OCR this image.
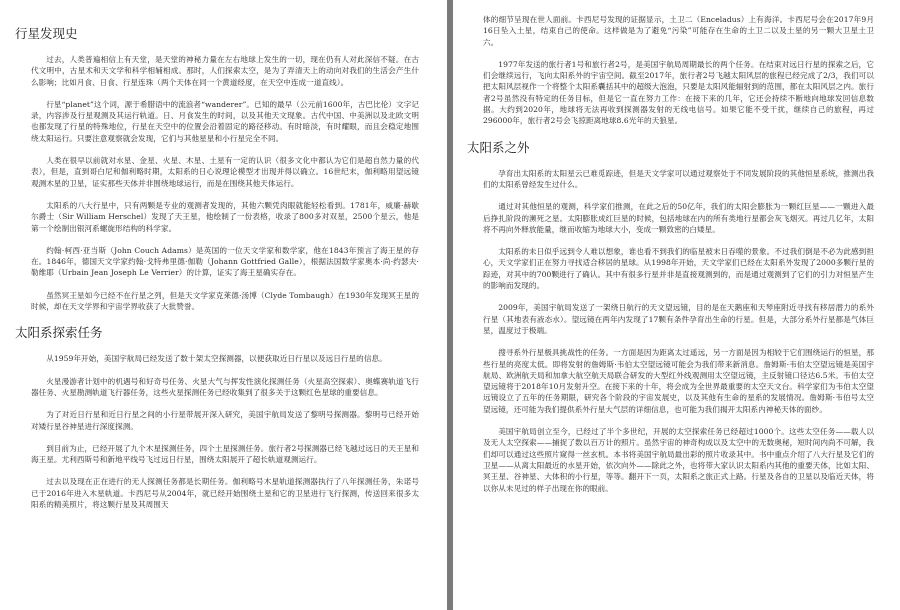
行星发现史

过去，人类普遍相信上有天堂，是天堂的神秘力量在左右地球上发生的一切，现在仍有人对此深信不疑。在古代文明中，古星术和天文学和科学相辅相成。那时，人们探索太空，是为了弄清天上的动向对我们的生活会产生什么影响；比如月食、日食、行星连珠（两个天体在同一个黄道经度，在天空中连成一道直线）。

行星“planet”这个词，源于希腊语中的流浪者“wanderer”。已知的最早（公元前1600年，古巴比伦）文字记录，内容涉及行星观测及其运行轨道。日、月食发生的时间，以及其他天文现象。古代中国、中美洲以及北欧文明也都发现了行星的特殊地位，行星在天空中的位置会沿着固定的路径移动。有时暗淡，有时耀眼，而且会稳定地围绕太阳运行。只要注意观察就会发现，它们与其他星星和小行星完全不同。

人类在很早以前就对水星、金星、火星、木星、土星有一定的认识（很多文化中都认为它们是超自然力量的代表），但是，直到哥白尼和伽利略时期，太阳系的日心说理论模型才出现并得以确立。16世纪末，伽利略用望远镜观测木星的卫星，证实那些天体并非围绕地球运行，而是在围绕其他天体运行。

太阳系的八大行星中，只有两颗是专业的观测者发现的，其他六颗凭肉眼就能轻松看到。1781年，威廉·赫歇尔爵士（Sir William Herschel）发现了天王星，他绘制了一份表格，收录了800多对双星，2500个星云，他是第一个绘制出银河系螺旋形结构的科学家。

约翰·柯西·亚当斯（John Couch Adams）是英国的一位天文学家和数学家，他在1843年预言了海王星的存在。1846年，德国天文学家约翰·戈特弗里德·伽勒（Johann Gottfried Galle），根据法国数学家奥本·尚·约瑟夫·勒维耶（Urbain Jean Joseph Le Verrier）的计算，证实了海王星确实存在。

虽然冥王星如今已经不在行星之列，但是天文学家克莱德·汤博（Clyde Tombaugh）在1930年发现冥王星的时候，却在天文学界和宇宙学界收获了大批赞誉。

太阳系探索任务

从1959年开始，美国宇航局已经发送了数十架太空探测器，以便获取近日行星以及远日行星的信息。

火星漫游者计划中的机遇号和好奇号任务、火星大气与挥发性演化探测任务（火星高空探索）、奥蝶赛轨道飞行器任务、火星勘测轨道飞行器任务，这些火星探测任务已经收集到了很多关于这颗红色星球的重要信息。

为了对近日行星和近日行星之间的小行星带展开深入研究，美国宇航局发送了黎明号探测器。黎明号已经开始对矮行星谷神星进行深度探测。

到目前为止，已经开展了九个木星探测任务，四个土星探测任务。旅行者2号探测器已经飞越过远日的天王星和海王星。尤利西斯号和新地平线号飞过远日行星，围绕太阳展开了超长轨道观测运行。

过去以及现在正在进行的无人探测任务都是长期任务。伽利略号木星轨道探测器执行了八年探测任务，朱诺号已于2016年进入木星轨道。卡西尼号从2004年，就已经开始围绕土星和它的卫星进行飞行探测，传送回来很多太阳系的精美照片，将这颗行星及其周围天

体的细节呈现在世人面前。卡西尼号发现的证据显示，土卫二（Enceladus）上有海洋。卡西尼号会在2017年9月16日坠入土星，结束自己的使命。这样做是为了避免“污染”可能存在生命的土卫二以及土星的另一颗大卫星土卫六。

1977年发送的旅行者1号和旅行者2号，是美国宇航局周期最长的两个任务。在结束对远日行星的探索之后，它们会继续远行，飞向太阳系外的宇宙空间。截至2017年，旅行者2号飞越太阳风层的旅程已经完成了2/3，我们可以把太阳风层视作一个将整个太阳系囊括其中的超级大泡泡，只要是太阳风能辐射到的范围，都在太阳风层之内。旅行者2号虽然没有特定的任务目标，但是它一直在努力工作：在接下来的几年，它还会持续不断地向地球发回信息数据。大约到2020年，地球将无法再收到探测器发射的无线电信号。如果它能不受干扰，继续自己的旅程，再过296000年，旅行者2号会飞掠距离地球8.6光年的天狼星。

太阳系之外

孕育出太阳系的太阳星云已难觅踪迹，但是天文学家可以通过观察处于不同发展阶段的其他恒星系统，推测出我们的太阳系曾经发生过什么。

通过对其他恒星的观测，科学家们推测，在此之后的50亿年，我们的太阳会膨胀为一颗红巨星——一颗进入最后挣扎阶段的濒死之星。太阳膨胀成红巨星的时候，包括地球在内的所有类地行星都会灰飞烟灭。再过几亿年，太阳将不再向外释放能量，继而收缩为地球大小，变成一颗致密的白矮星。

太阳系的未日似乎远到令人难以想象，谁也看不到我们的临星被末日吞噬的景象。不过我们倒是不必为此感到担心，天文学家们正在努力寻找适合移居的星球。从1998年开始，天文学家们已经在太阳系外发现了2000多颗行星的踪迹，对其中的700颗进行了确认。其中有很多行星并非是直接观测到的，而是通过观测到了它们的引力对恒星产生的影响而发现的。

2009年，美国宇航局发送了一架绕日航行的天文望远镜，目的是在天鹅座和天琴座附近寻找有移居潜力的系外行星（其地表有液态水）。望远镜在两年内发现了17颗有条件孕育出生命的行星。但是，大部分系外行星都是气体巨星，温度过于极端。

搜寻系外行星极具挑战性的任务。一方面是因为距离太过遥远，另一方面是因为相较于它们围绕运行的恒星，那些行星的亮度太低。即将发射的詹姆斯·韦伯太空望远镜可能会为我们带来新消息。詹姆斯·韦伯太空望远镜是美国宇航局、欧洲航天局和加拿大航空航天局联合研发的大型红外线观测用太空望远镜，主反射镜口径达6.5米。韦伯太空望远镜将于2018年10月发射升空。在接下来的十年，将会成为全世界最重要的太空天文台。科学家们为韦伯太空望远镜设立了五年的任务期限，研究各个阶段的宇宙发展史，以及其他有生命的星系的发展情况。詹姆斯·韦伯号太空望远镜，还可能为我们提供系外行星大气层的详细信息，也可能为我们揭开太阳系内神秘天体的面纱。

美国宇航局创立至今，已经过了半个多世纪，开展的太空探索任务已经超过1000个。这些太空任务——载人以及无人太空探索——捕捉了数以百万计的照片。虽然宇宙的神奇构成以及太空中的无数奥秘，短时间内尚不可解，我们却可以通过这些照片窥得一丝玄机。本书将美国宇航局最出彩的照片收录其中。书中重点介绍了八大行星及它们的卫星——从离太阳最近的水星开始，依次向外——除此之外，也将带大家认识太阳系内其他的重要天体，比如太阳、冥王星、谷神星、大体积的小行星，等等。翻开下一页，太阳系之旅正式上路。行星及各自的卫星以及临近天体，将以你从未见过的样子出现在你的眼前。
